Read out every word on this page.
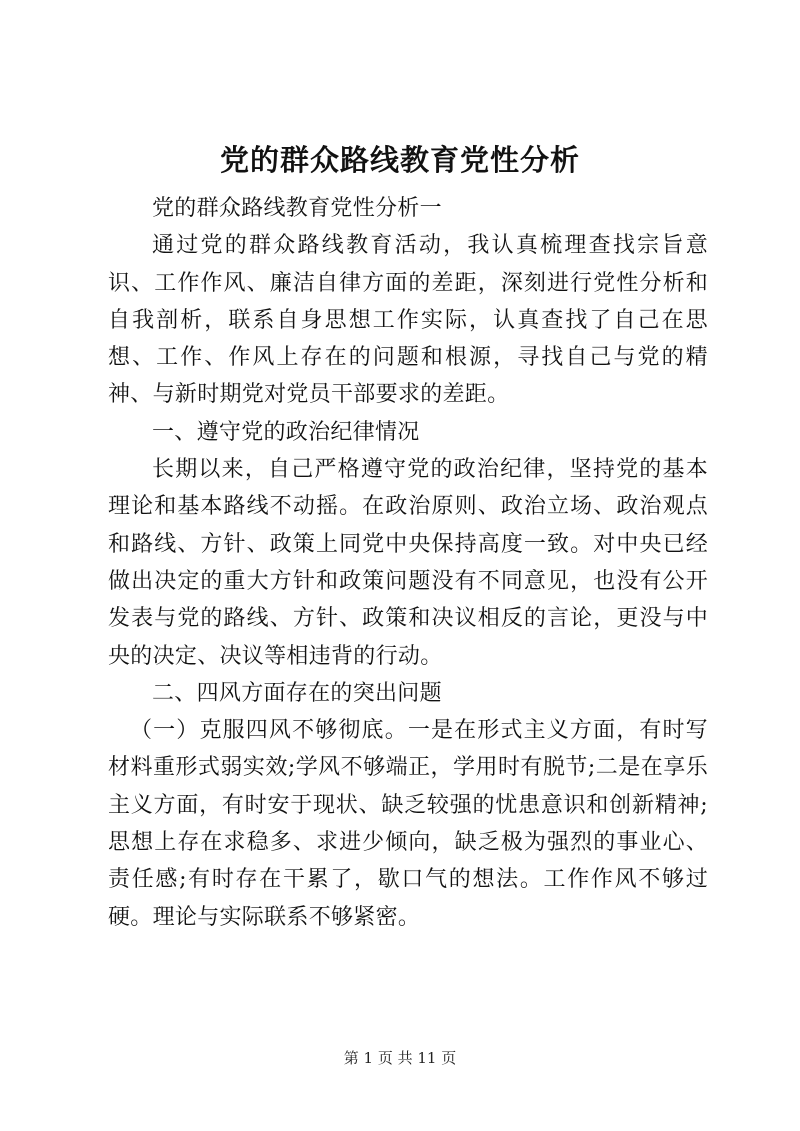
党的群众路线教育党性分析

党的群众路线教育党性分析一

通过党的群众路线教育活动，我认真梳理查找宗旨意识、工作作风、廉洁自律方面的差距，深刻进行党性分析和自我剖析，联系自身思想工作实际，认真查找了自己在思想、工作、作风上存在的问题和根源，寻找自己与党的精神、与新时期党对党员干部要求的差距。

一、遵守党的政治纪律情况

长期以来，自己严格遵守党的政治纪律，坚持党的基本理论和基本路线不动摇。在政治原则、政治立场、政治观点和路线、方针、政策上同党中央保持高度一致。对中央已经做出决定的重大方针和政策问题没有不同意见，也没有公开发表与党的路线、方针、政策和决议相反的言论，更没与中央的决定、决议等相违背的行动。

二、四风方面存在的突出问题

（一）克服四风不够彻底。一是在形式主义方面，有时写材料重形式弱实效;学风不够端正，学用时有脱节;二是在享乐主义方面，有时安于现状、缺乏较强的忧患意识和创新精神;思想上存在求稳多、求进少倾向，缺乏极为强烈的事业心、责任感;有时存在干累了，歇口气的想法。工作作风不够过硬。理论与实际联系不够紧密。

第 1 页 共 11 页
